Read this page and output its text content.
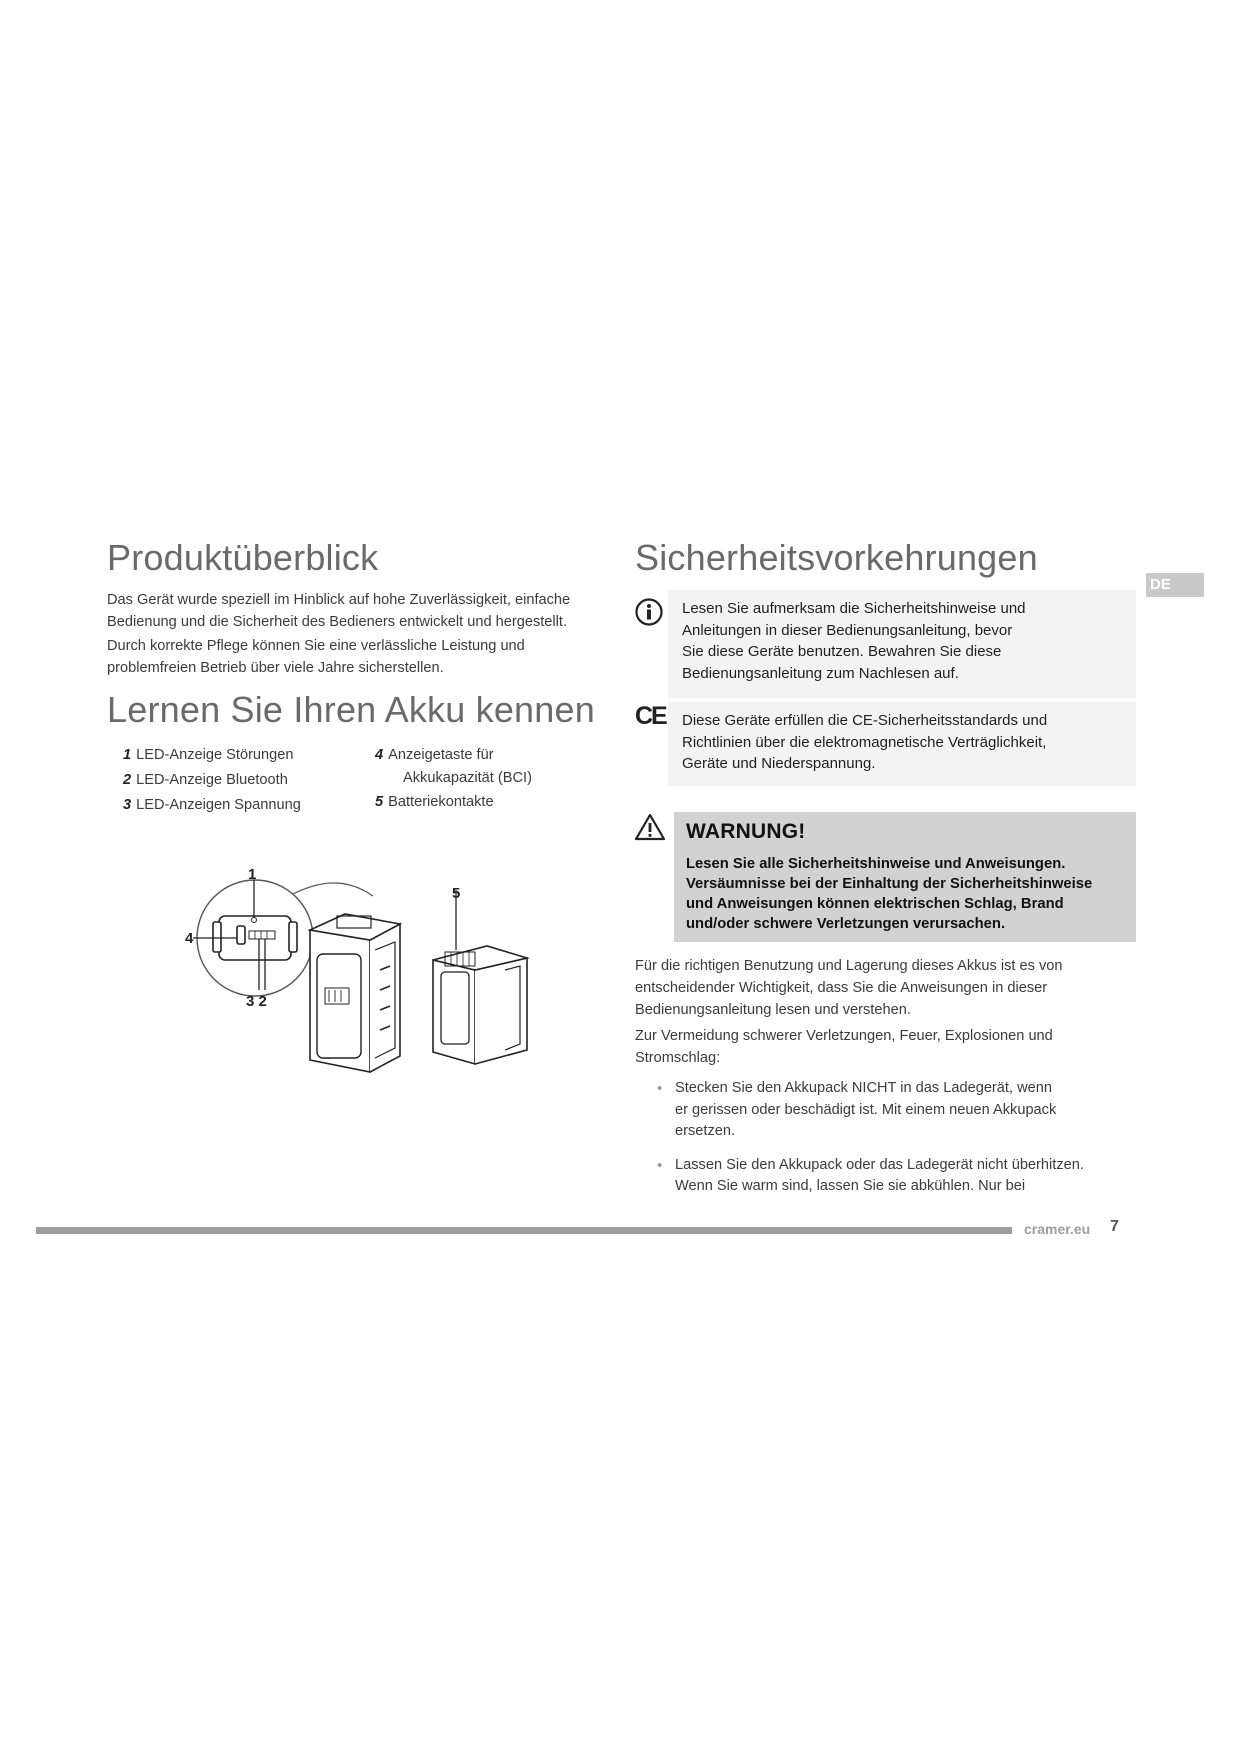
DE
Produktüberblick

Das Gerät wurde speziell im Hinblick auf hohe Zuverlässigkeit, einfache

Bedienung und die Sicherheit des Bedieners entwickelt und hergestellt.

Durch korrekte Pflege können Sie eine verlässliche Leistung und

problemfreien Betrieb über viele Jahre sicherstellen.

Lernen Sie Ihren Akku kennen
1 LED-Anzeige Störungen
2 LED-Anzeige Bluetooth
3 LED-Anzeigen Spannung
4 Anzeigetaste für
Akkukapazität (BCI)
5 Batteriekontakte
1
4
3 2
5
Sicherheitsvorkehrungen
Lesen Sie aufmerksam die Sicherheitshinweise und
Anleitungen in dieser Bedienungsanleitung, bevor
Sie diese Geräte benutzen. Bewahren Sie diese
Bedienungsanleitung zum Nachlesen auf.
CE Diese Geräte erfüllen die CE-Sicherheitsstandards und
Richtlinien über die elektromagnetische Verträglichkeit,
Geräte und Niederspannung.
WARNUNG!
Lesen Sie alle Sicherheitshinweise und Anweisungen.
Versäumnisse bei der Einhaltung der Sicherheitshinweise
und Anweisungen können elektrischen Schlag, Brand
und/oder schwere Verletzungen verursachen.

Für die richtigen Benutzung und Lagerung dieses Akkus ist es von

entscheidender Wichtigkeit, dass Sie die Anweisungen in dieser

Bedienungsanleitung lesen und verstehen.

Zur Vermeidung schwerer Verletzungen, Feuer, Explosionen und

Stromschlag:

• Stecken Sie den Akkupack NICHT in das Ladegerät, wenn
er gerissen oder beschädigt ist. Mit einem neuen Akkupack
ersetzen.
• Lassen Sie den Akkupack oder das Ladegerät nicht überhitzen.
Wenn Sie warm sind, lassen Sie sie abkühlen. Nur bei
cramer.eu 7
